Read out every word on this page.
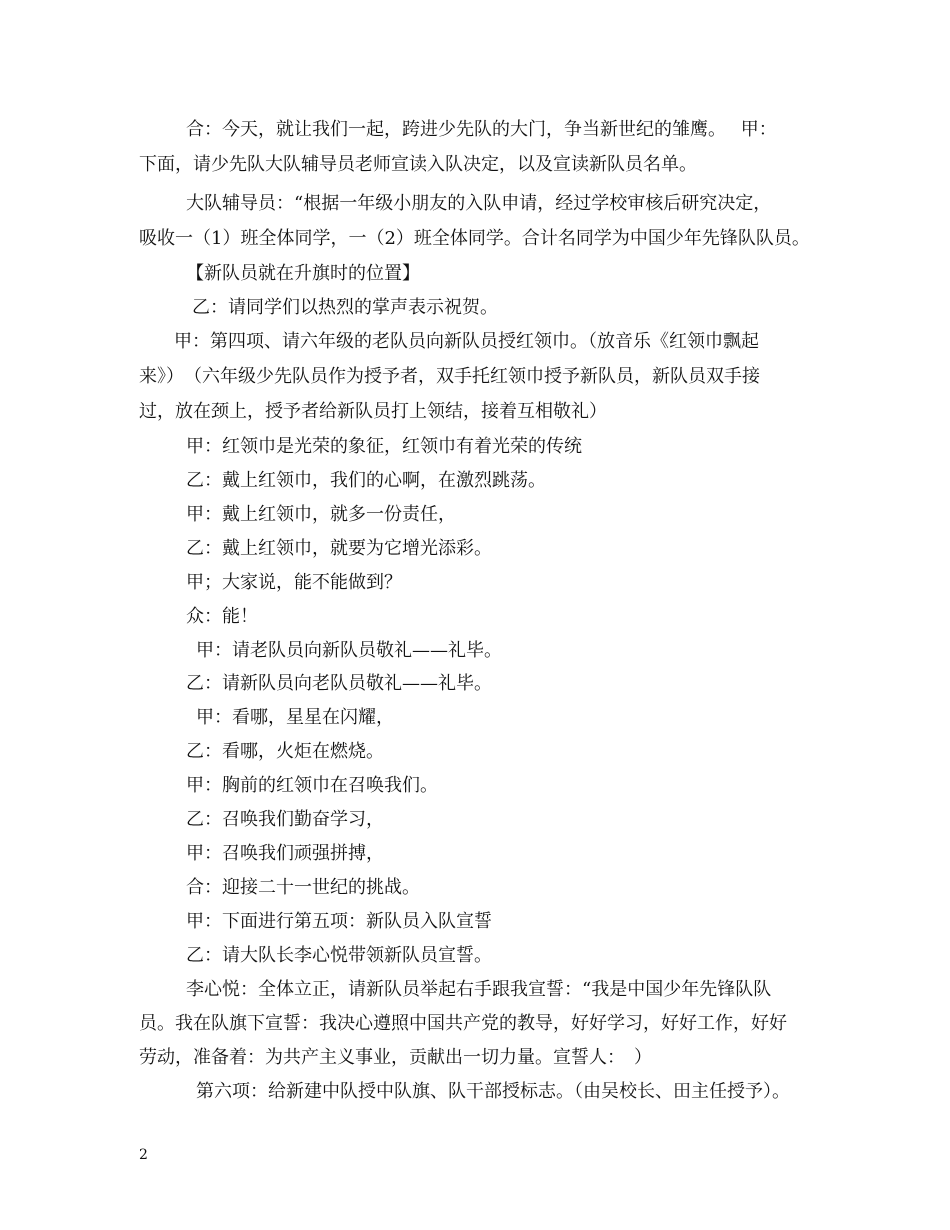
合：今天，就让我们一起，跨进少先队的大门，争当新世纪的雏鹰。　 甲：
下面，请少先队大队辅导员老师宣读入队决定，以及宣读新队员名单。
大队辅导员：“根据一年级小朋友的入队申请，经过学校审核后研究决定，
吸收一（1）班全体同学，一（2）班全体同学。合计名同学为中国少年先锋队队员。
【新队员就在升旗时的位置】
乙：请同学们以热烈的掌声表示祝贺。
甲：第四项、请六年级的老队员向新队员授红领巾。（放音乐《红领巾飘起
来》）　（六年级少先队员作为授予者，双手托红领巾授予新队员，新队员双手接
过，放在颈上，授予者给新队员打上领结，接着互相敬礼）
甲：红领巾是光荣的象征，红领巾有着光荣的传统
乙：戴上红领巾，我们的心啊，在激烈跳荡。
甲：戴上红领巾，就多一份责任，
乙：戴上红领巾，就要为它增光添彩。
甲；大家说，能不能做到？
众：能！
甲：请老队员向新队员敬礼——礼毕。
乙：请新队员向老队员敬礼——礼毕。
甲：看哪，星星在闪耀，
乙：看哪，火炬在燃烧。
甲：胸前的红领巾在召唤我们。
乙：召唤我们勤奋学习，
甲：召唤我们顽强拼搏，
合：迎接二十一世纪的挑战。
甲：下面进行第五项：新队员入队宣誓
乙：请大队长李心悦带领新队员宣誓。
李心悦：全体立正，请新队员举起右手跟我宣誓：“我是中国少年先锋队队
员。我在队旗下宣誓：我决心遵照中国共产党的教导，好好学习，好好工作，好好
劳动，准备着：为共产主义事业，贡献出一切力量。宣誓人：　）
第六项：给新建中队授中队旗、队干部授标志。（由吴校长、田主任授予）。
2
